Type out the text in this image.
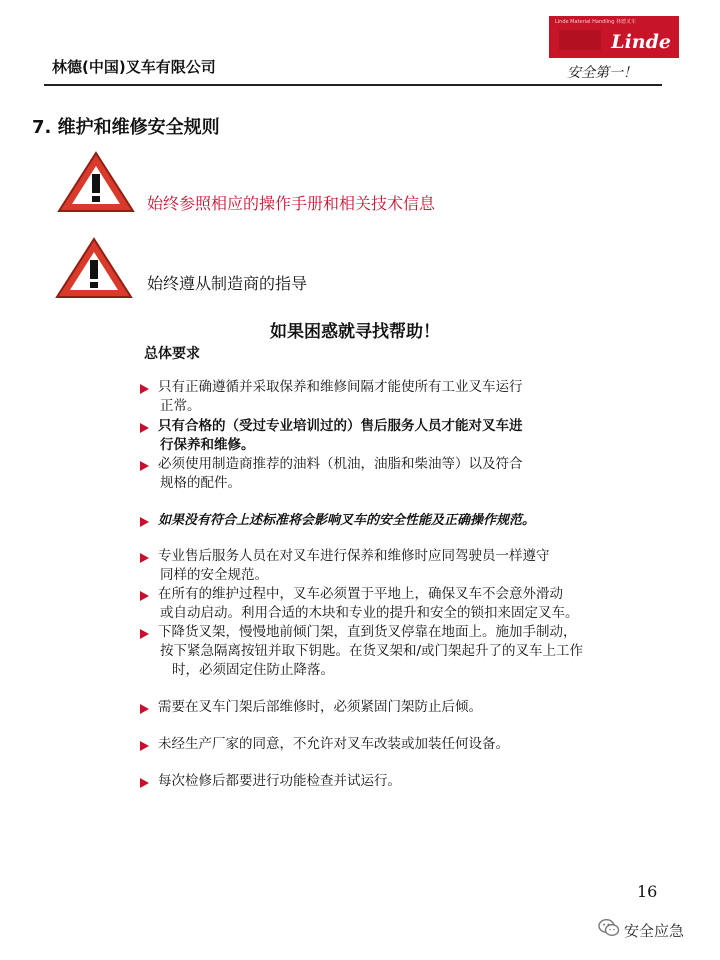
林德(中国)叉车有限公司
Linde Material Handling 林德叉车
Linde
安全第一！
7. 维护和维修安全规则
始终参照相应的操作手册和相关技术信息
始终遵从制造商的指导
如果困惑就寻找帮助！
总体要求

只有正确遵循并采取保养和维修间隔才能使所有工业叉车运行
正常。

只有合格的（受过专业培训过的）售后服务人员才能对叉车进
行保养和维修。

必须使用制造商推荐的油料（机油，油脂和柴油等）以及符合
规格的配件。

如果没有符合上述标准将会影响叉车的安全性能及正确操作规范。

专业售后服务人员在对叉车进行保养和维修时应同驾驶员一样遵守
同样的安全规范。

在所有的维护过程中，叉车必须置于平地上，确保叉车不会意外滑动
或自动启动。利用合适的木块和专业的提升和安全的锁扣来固定叉车。

下降货叉架，慢慢地前倾门架，直到货叉停靠在地面上。施加手制动，
按下紧急隔离按钮并取下钥匙。在货叉架和/或门架起升了的叉车上工作
时，必须固定住防止降落。

需要在叉车门架后部维修时，必须紧固门架防止后倾。

未经生产厂家的同意，不允许对叉车改装或加装任何设备。

每次检修后都要进行功能检查并试运行。

16
安全应急
